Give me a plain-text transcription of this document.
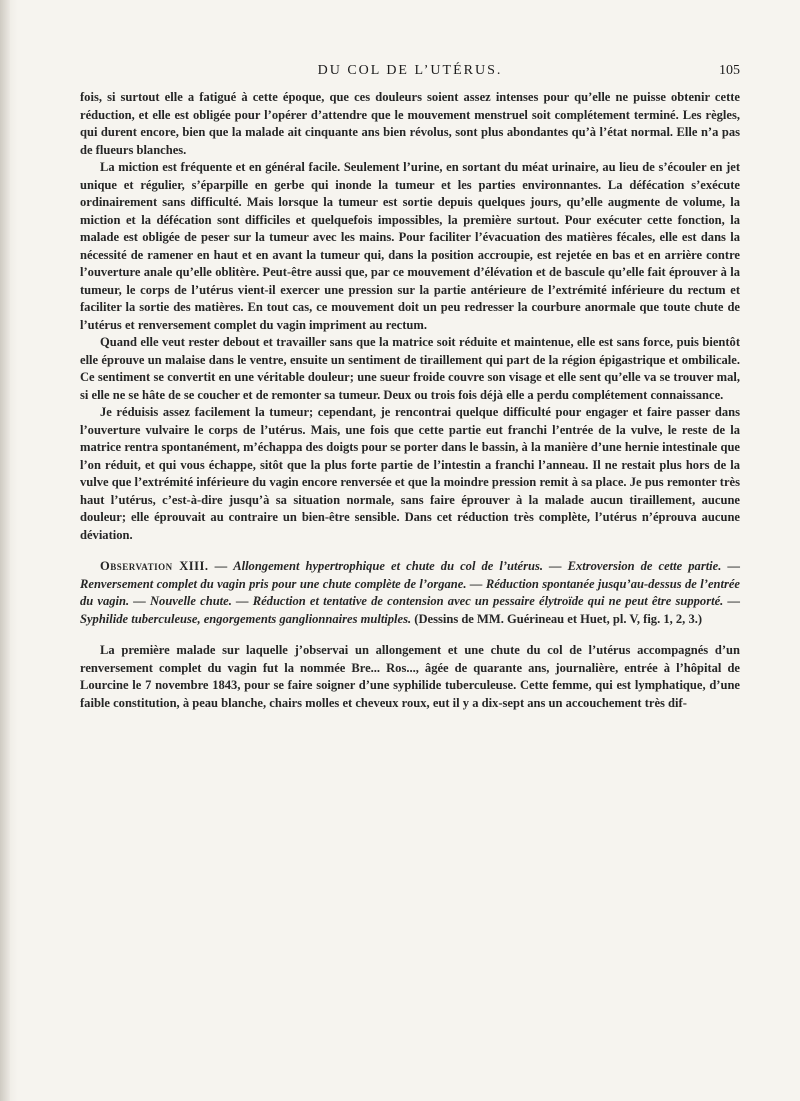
DU COL DE L’UTÉRUS.	105

fois, si surtout elle a fatigué à cette époque, que ces douleurs soient assez intenses pour qu’elle ne puisse obtenir cette réduction, et elle est obligée pour l’opérer d’attendre que le mouvement menstruel soit complétement terminé. Les règles, qui durent encore, bien que la malade ait cinquante ans bien révolus, sont plus abondantes qu’à l’état normal. Elle n’a pas de flueurs blanches.

La miction est fréquente et en général facile. Seulement l’urine, en sortant du méat urinaire, au lieu de s’écouler en jet unique et régulier, s’éparpille en gerbe qui inonde la tumeur et les parties environnantes. La défécation s’exécute ordinairement sans difficulté. Mais lorsque la tumeur est sortie depuis quelques jours, qu’elle augmente de volume, la miction et la défécation sont difficiles et quelquefois impossibles, la première surtout. Pour exécuter cette fonction, la malade est obligée de peser sur la tumeur avec les mains. Pour faciliter l’évacuation des matières fécales, elle est dans la nécessité de ramener en haut et en avant la tumeur qui, dans la position accroupie, est rejetée en bas et en arrière contre l’ouverture anale qu’elle oblitère. Peut-être aussi que, par ce mouvement d’élévation et de bascule qu’elle fait éprouver à la tumeur, le corps de l’utérus vient-il exercer une pression sur la partie antérieure de l’extrémité inférieure du rectum et faciliter la sortie des matières. En tout cas, ce mouvement doit un peu redresser la courbure anormale que toute chute de l’utérus et renversement complet du vagin impriment au rectum.

Quand elle veut rester debout et travailler sans que la matrice soit réduite et maintenue, elle est sans force, puis bientôt elle éprouve un malaise dans le ventre, ensuite un sentiment de tiraillement qui part de la région épigastrique et ombilicale. Ce sentiment se convertit en une véritable douleur; une sueur froide couvre son visage et elle sent qu’elle va se trouver mal, si elle ne se hâte de se coucher et de remonter sa tumeur. Deux ou trois fois déjà elle a perdu complétement connaissance.

Je réduisis assez facilement la tumeur; cependant, je rencontrai quelque difficulté pour engager et faire passer dans l’ouverture vulvaire le corps de l’utérus. Mais, une fois que cette partie eut franchi l’entrée de la vulve, le reste de la matrice rentra spontanément, m’échappa des doigts pour se porter dans le bassin, à la manière d’une hernie intestinale que l’on réduit, et qui vous échappe, sitôt que la plus forte partie de l’intestin a franchi l’anneau. Il ne restait plus hors de la vulve que l’extrémité inférieure du vagin encore renversée et que la moindre pression remit à sa place. Je pus remonter très haut l’utérus, c’est-à-dire jusqu’à sa situation normale, sans faire éprouver à la malade aucun tiraillement, aucune douleur; elle éprouvait au contraire un bien-être sensible. Dans cet réduction très complète, l’utérus n’éprouva aucune déviation.

Observation XIII. — Allongement hypertrophique et chute du col de l’utérus. — Extroversion de cette partie. — Renversement complet du vagin pris pour une chute complète de l’organe. — Réduction spontanée jusqu’au-dessus de l’entrée du vagin. — Nouvelle chute. — Réduction et tentative de contension avec un pessaire élytroïde qui ne peut être supporté. — Syphilide tuberculeuse, engorgements ganglionnaires multiples. (Dessins de MM. Guérineau et Huet, pl. V, fig. 1, 2, 3.)

La première malade sur laquelle j’observai un allongement et une chute du col de l’utérus accompagnés d’un renversement complet du vagin fut la nommée Bre... Ros..., âgée de quarante ans, journalière, entrée à l’hôpital de Lourcine le 7 novembre 1843, pour se faire soigner d’une syphilide tuberculeuse. Cette femme, qui est lymphatique, d’une faible constitution, à peau blanche, chairs molles et cheveux roux, eut il y a dix-sept ans un accouchement très dif-
